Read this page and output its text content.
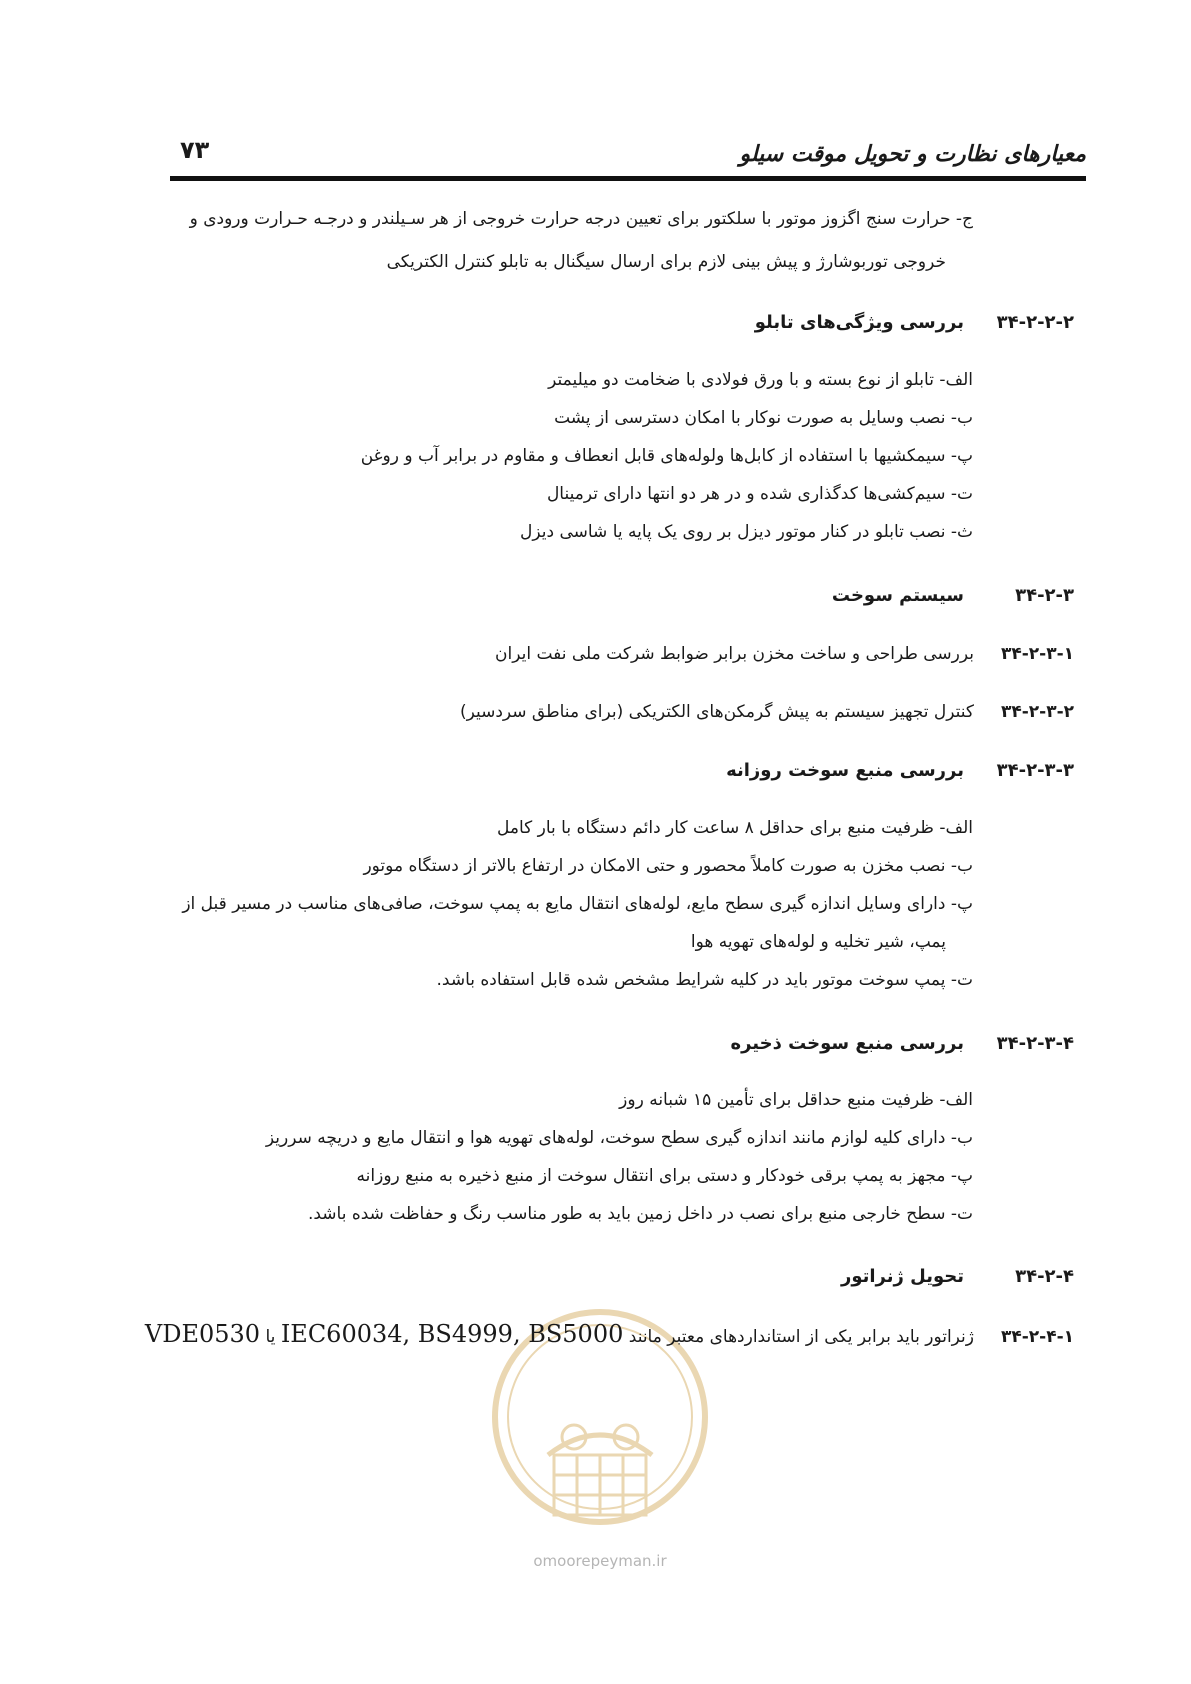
۷۳	معیارهای نظارت و تحویل موقت سیلو
ج- حرارت سنج اگزوز موتور با سلکتور برای تعیین درجه حرارت خروجی از هر سـیلندر و درجـه حـرارت ورودی و
خروجی توربوشارژ و پیش بینی لازم برای ارسال سیگنال به تابلو کنترل الکتریکی
۳۴-۲-۲-۲بررسی ویژگی‌های تابلو
الف- تابلو از نوع بسته و با ورق فولادی با ضخامت دو میلیمتر
ب- نصب وسایل به صورت نوکار با امکان دسترسی از پشت
پ- سیمکشیها با استفاده از کابل‌ها ولوله‌های قابل انعطاف و مقاوم در برابر آب و روغن
ت- سیم‌کشی‌ها کدگذاری شده و در هر دو انتها دارای ترمینال
ث- نصب تابلو در کنار موتور دیزل بر روی یک پایه یا شاسی دیزل
۳۴-۲-۳سیستم سوخت
۳۴-۲-۳-۱بررسی طراحی و ساخت مخزن برابر ضوابط شرکت ملی نفت ایران
۳۴-۲-۳-۲کنترل تجهیز سیستم به پیش گرمکن‌های الکتریکی (برای مناطق سردسیر)
۳۴-۲-۳-۳بررسی منبع سوخت روزانه
الف- ظرفیت منبع برای حداقل ۸ ساعت کار دائم دستگاه با بار کامل
ب- نصب مخزن به صورت کاملاً محصور و حتی الامکان در ارتفاع بالاتر از دستگاه موتور
پ- دارای وسایل اندازه گیری سطح مایع، لوله‌های انتقال مایع به پمپ سوخت، صافی‌های مناسب در مسیر قبل از
پمپ، شیر تخلیه و لوله‌های تهویه هوا
ت- پمپ سوخت موتور باید در کلیه شرایط مشخص شده قابل استفاده باشد.
۳۴-۲-۳-۴بررسی منبع سوخت ذخیره
الف- ظرفیت منبع حداقل برای تأمین ۱۵ شبانه روز
ب- دارای کلیه لوازم مانند اندازه گیری سطح سوخت، لوله‌های تهویه هوا و انتقال مایع و دریچه سرریز
پ- مجهز به پمپ برقی خودکار و دستی برای انتقال سوخت از منبع ذخیره به منبع روزانه
ت- سطح خارجی منبع برای نصب در داخل زمین باید به طور مناسب رنگ و حفاظت شده باشد.
۳۴-۲-۴تحویل ژنراتور
omoorepeyman.ir
۳۴-۲-۴-۱ژنراتور باید برابر یکی از استانداردهای معتبر مانند IEC60034, BS4999, BS5000 یا VDE0530
